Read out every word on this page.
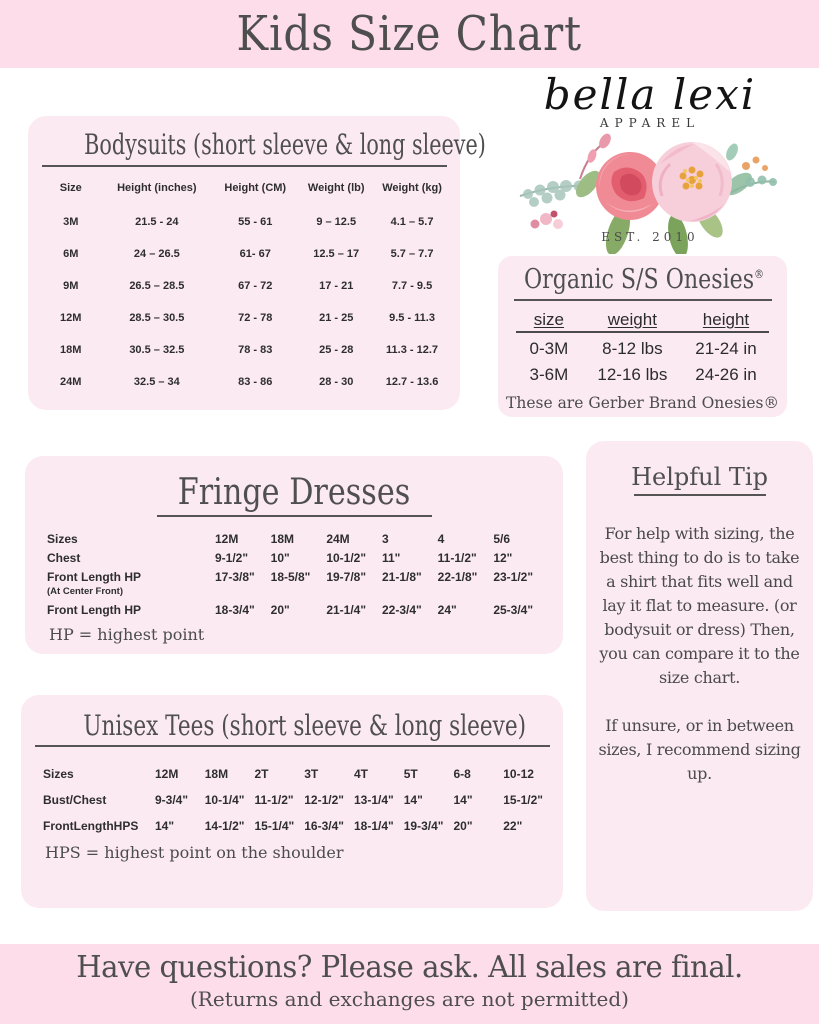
Kids Size Chart
bella lexi
APPAREL
EST. 2010
Bodysuits (short sleeve & long sleeve)
Size	Height (inches)	Height (CM)	Weight (lb)	Weight (kg)
3M	21.5 - 24	55 - 61	9 – 12.5	4.1 – 5.7
6M	24 – 26.5	61- 67	12.5 – 17	5.7 – 7.7
9M	26.5 – 28.5	67 - 72	17 - 21	7.7 - 9.5
12M	28.5 – 30.5	72 - 78	21 - 25	9.5 - 11.3
18M	30.5 – 32.5	78 - 83	25 - 28	11.3 - 12.7
24M	32.5 – 34	83 - 86	28 - 30	12.7 - 13.6
Organic S/S Onesies®
size	weight	height
0-3M	8-12 lbs	21-24 in
3-6M	12-16 lbs	24-26 in
These are Gerber Brand Onesies®
Fringe Dresses
Sizes	12M	18M	24M	3	4	5/6
Chest	9-1/2"	10"	10-1/2"	11"	11-1/2"	12"
Front Length HP	17-3/8"	18-5/8"	19-7/8"	21-1/8"	22-1/8"	23-1/2"
(At Center Front)
Front Length HP	18-3/4"	20"	21-1/4"	22-3/4"	24"	25-3/4"
HP = highest point
Helpful Tip
For help with sizing, the best thing to do is to take a shirt that fits well and lay it flat to measure. (or bodysuit or dress) Then, you can compare it to the size chart.
If unsure, or in between sizes, I recommend sizing up.
Unisex Tees (short sleeve & long sleeve)
Sizes	12M	18M	2T	3T	4T	5T	6-8	10-12
Bust/Chest	9-3/4"	10-1/4" 11-1/2" 12-1/2" 13-1/4" 14"	14"	15-1/2"
FrontLengthHPS	14"	14-1/2" 15-1/4" 16-3/4" 18-1/4" 19-3/4" 20"	22"
HPS = highest point on the shoulder
Have questions? Please ask. All sales are final.
(Returns and exchanges are not permitted)
